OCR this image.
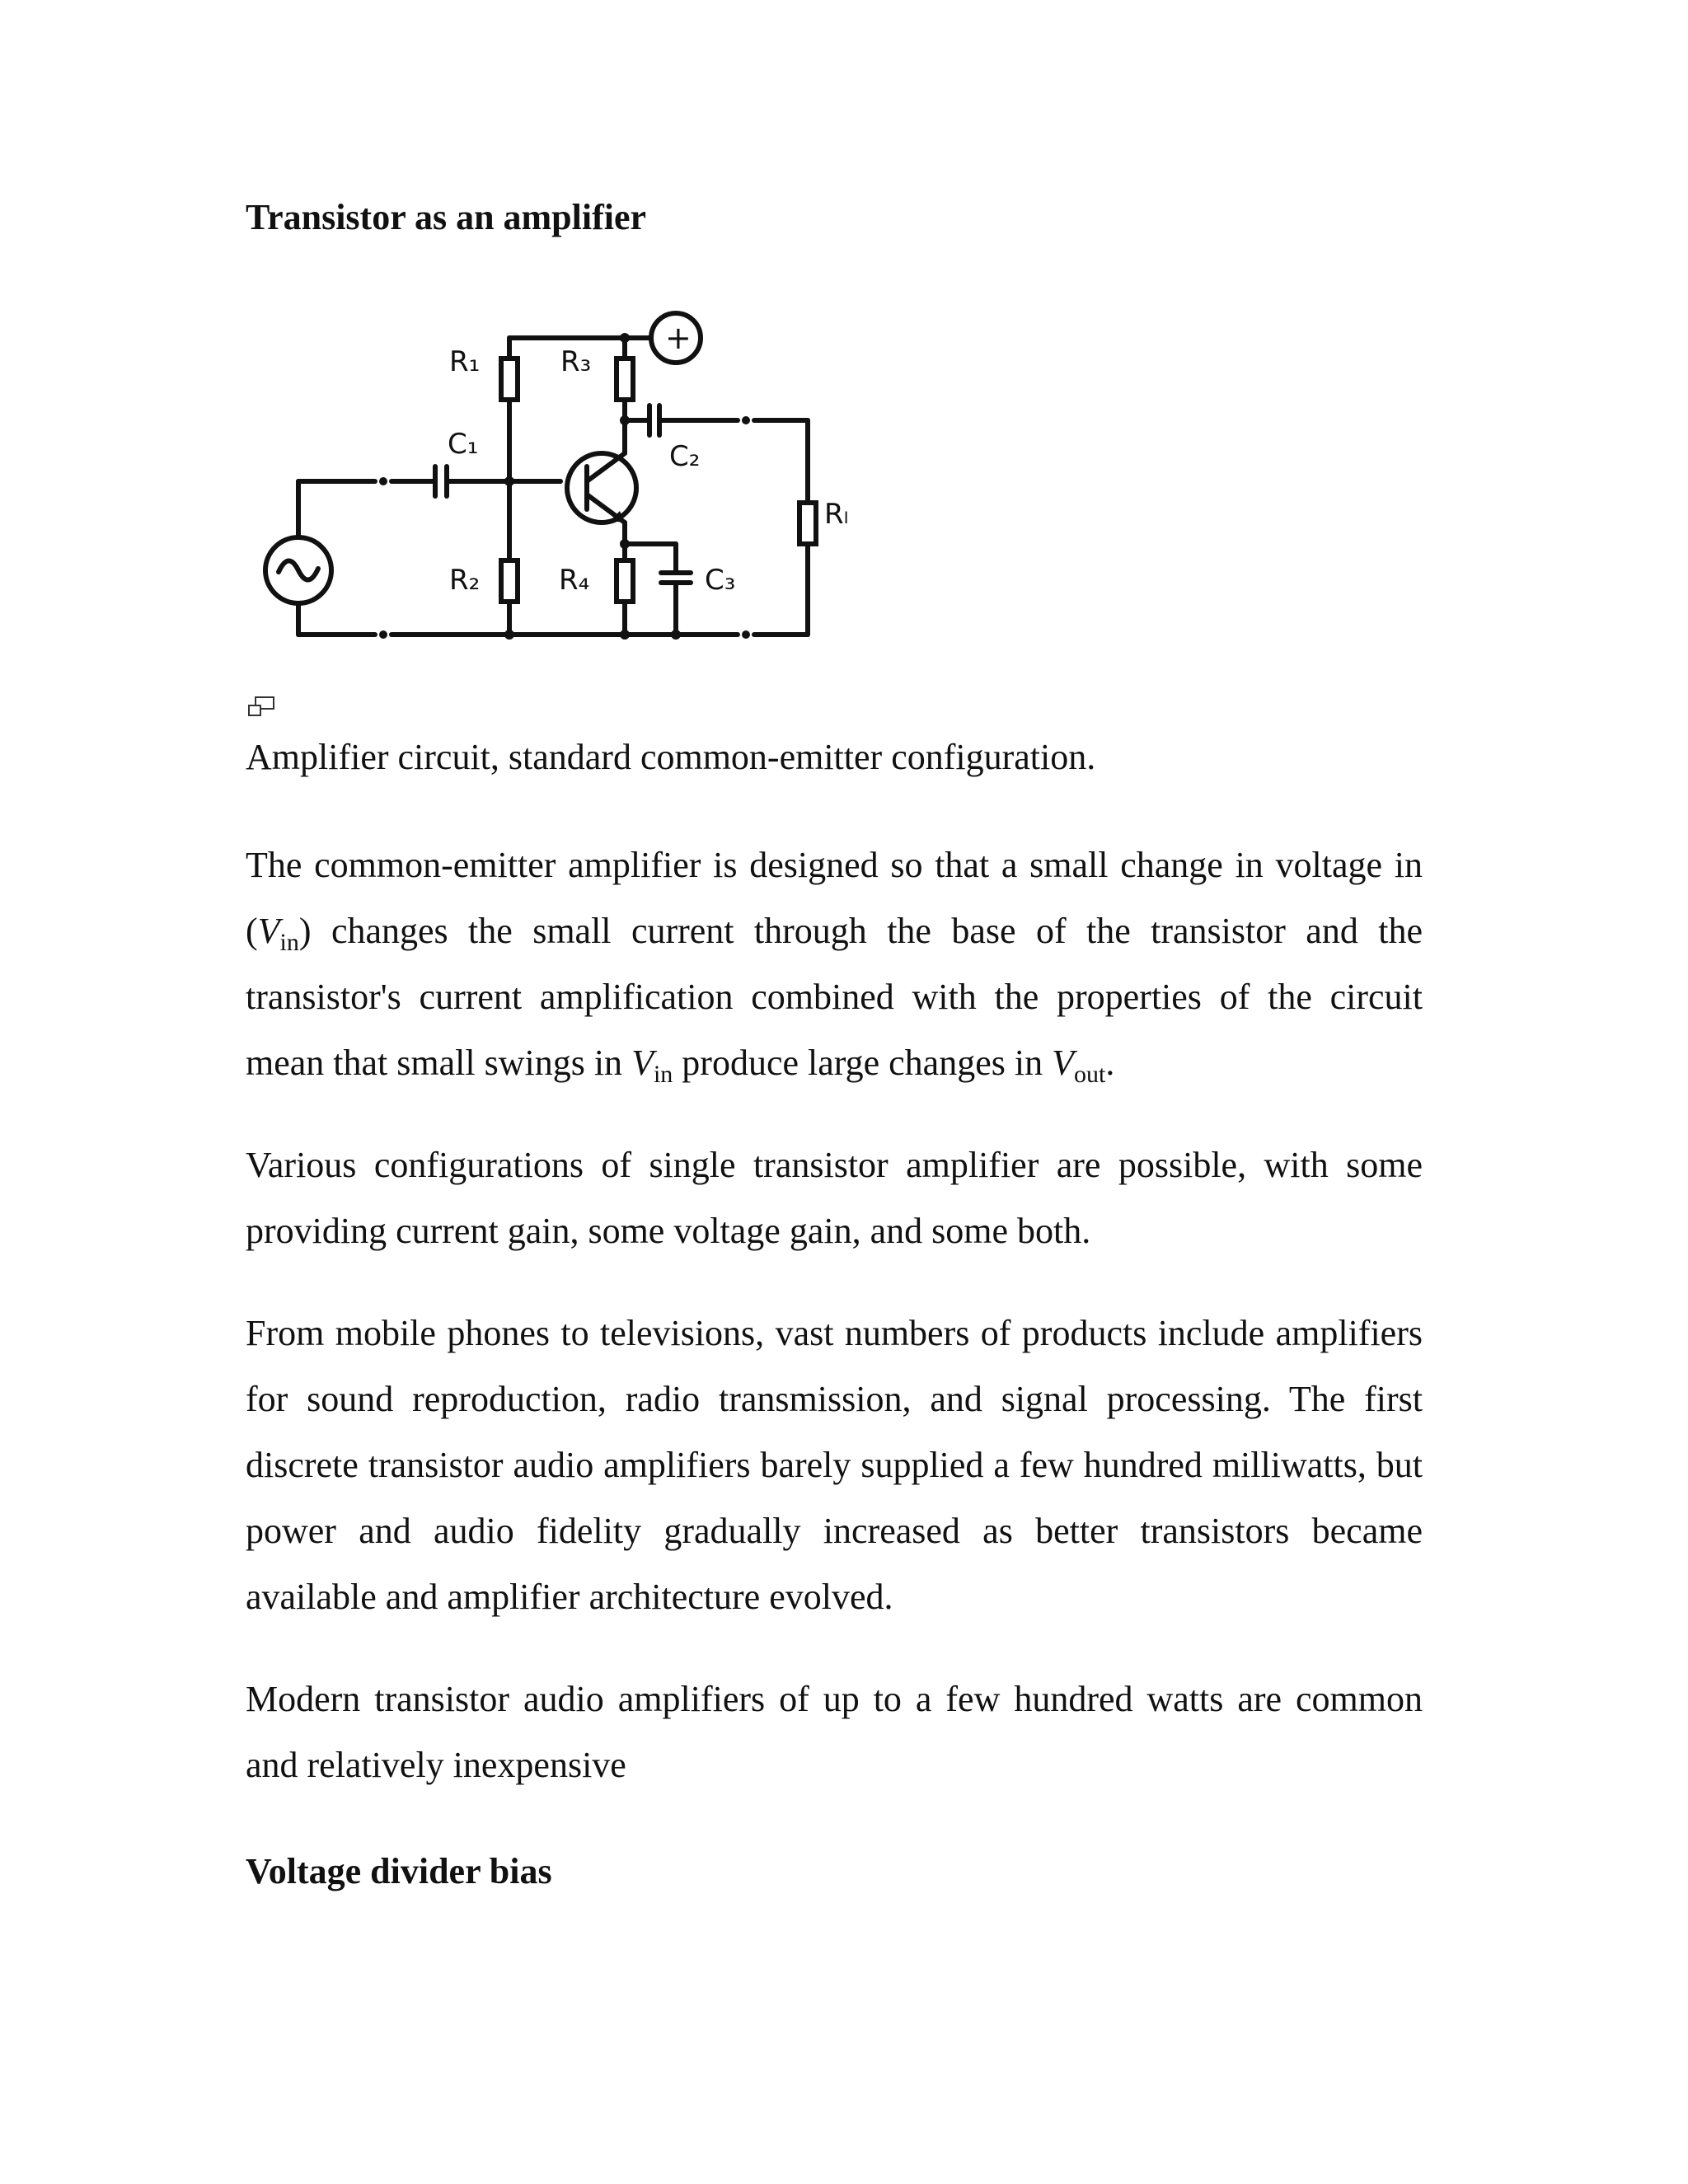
Transistor as an amplifier
R₁	R₃
C₁	C₂
Rₗ
R₂	R₄	C₃
+

Amplifier circuit, standard common-emitter configuration.

The common-emitter amplifier is designed so that a small change in voltage in $(V_{in})$ changes the small current through the base of the transistor and the transistor's current amplification combined with the properties of the circuit mean that small swings in $V_{in}$ produce large changes in $V_{out}$.

Various configurations of single transistor amplifier are possible, with some providing current gain, some voltage gain, and some both.

From mobile phones to televisions, vast numbers of products include amplifiers for sound reproduction, radio transmission, and signal processing. The first discrete transistor audio amplifiers barely supplied a few hundred milliwatts, but power and audio fidelity gradually increased as better transistors became available and amplifier architecture evolved.

Modern transistor audio amplifiers of up to a few hundred watts are common and relatively inexpensive

Voltage divider bias
